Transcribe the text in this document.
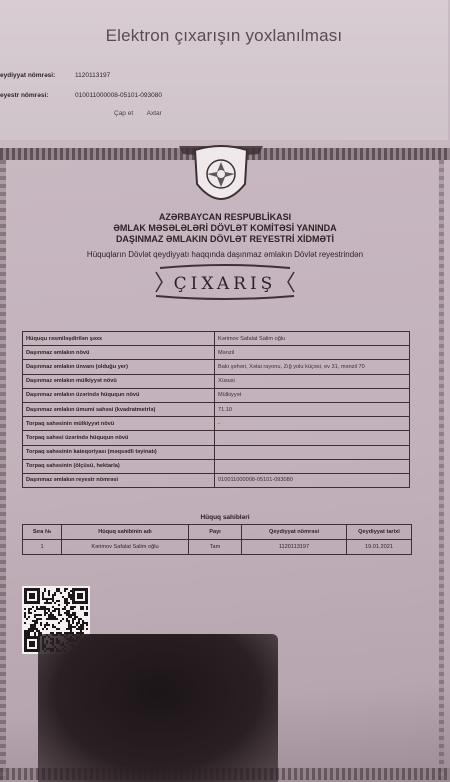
Elektron çıxarışın yoxlanılması
eydiyyat nömrəsi:	1120113197
eyestr nömrəsi:	010011000008-05101-093080
Çap et Axtar
AZƏRBAYCAN RESPUBLİKASI
ƏMLAK MƏSƏLƏLƏRİ DÖVLƏT KOMİTƏSİ YANINDA
DAŞINMAZ ƏMLAKIN DÖVLƏT REYESTRİ XİDMƏTİ
Hüquqların Dövlət qeydiyyatı haqqında daşınmaz əmlakın Dövlət reyestrindən
ÇIXARIŞ
Hüququ rəsmiləşdirilən şəxs	Kərimov Safalat Salim oğlu
Daşınmaz əmlakın növü	Mənzil
Daşınmaz əmlakın ünvanı (olduğu yer)	Bakı şəhəri, Xətai rayonu, Zığ yolu küçəsi, ev 31, mənzil 70
Daşınmaz əmlakın mülkiyyət növü	Xüsusi
Daşınmaz əmlakın üzərində hüququn növü	Mülkiyyət
Daşınmaz əmlakın ümumi sahəsi (kvadratmetrlə)	71.10
Torpaq sahəsinin mülkiyyət növü	-
Torpaq sahəsi üzərində hüququn növü	
Torpaq sahəsinin kateqoriyası (məqsədli təyinatı)	
Torpaq sahəsinin (ölçüsü, hektarla)	
Daşınmaz əmlakın reyestr nömrəsi	010011000008-05101-093080
Hüquq sahibləri
Sıra №	Hüquq sahibinin adı	Payı	Qeydiyyat nömrəsi	Qeydiyyat tarixi
1	Kərimov Safalat Salim oğlu	Tam	1120113197	19.01.2021
